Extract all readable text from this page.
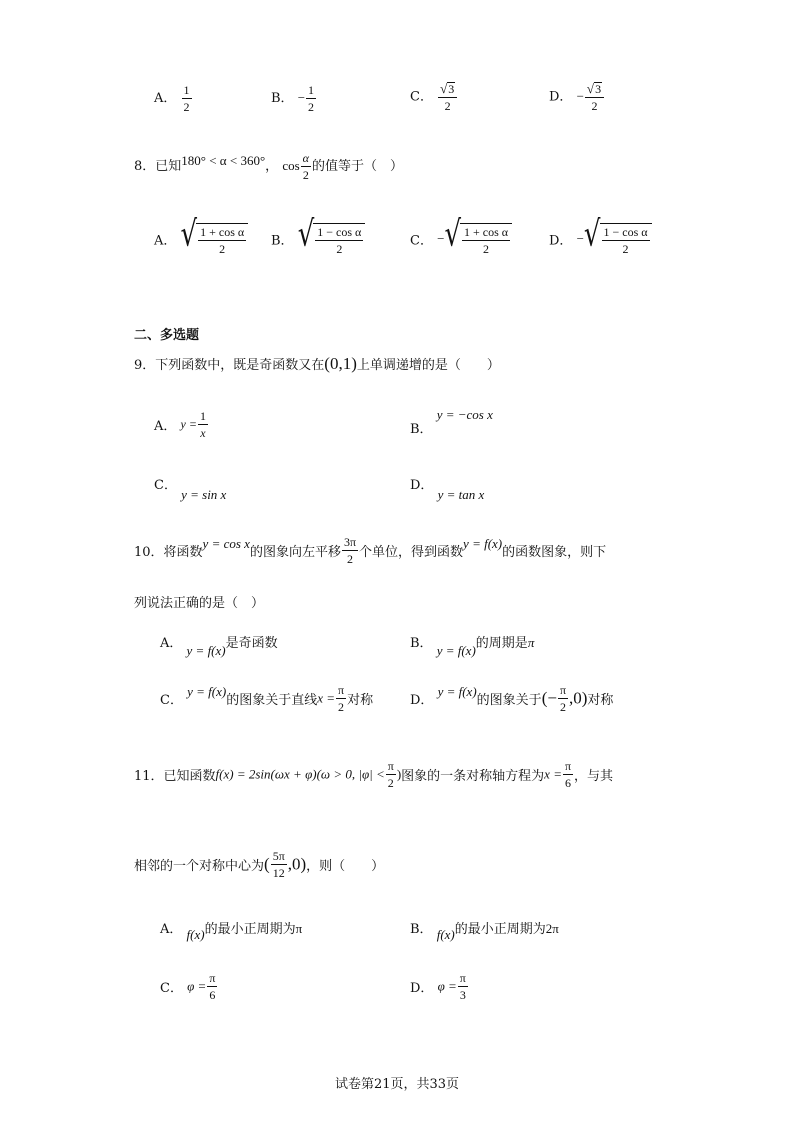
A． $\frac{1}{2}$	B． − $\frac{1}{2}$	C． $\frac{√ 3}{2}$	D． − $\frac{√ 3}{2}$
8．已知180° < α < 360°， $\cos \frac{\alpha}{2}$ 的值等于（　）
A． √ $\frac{\text{1 + cos α}}{2}$ B． √ $\frac{\text{1 − cos α}}{2}$	C． − √ $\frac{\text{1 + cos α}}{2}$	D． − √ $\frac{\text{1 − cos α}}{2}$
二、多选题
9．下列函数中，既是奇函数又在(0,1)上单调递增的是（　　）
A． $y = \frac{1}{x}$	B． y = −cos x
C． y = sin x
D． y = tan x
10．将函数y = cos x的图象向左平移 $\frac{3\pi}{2}$ 个单位，得到函数y = f(x)的函数图象，则下
列说法正确的是（　）
A． y = f(x)是奇函数	B． y = f(x)的周期是π
C． y = f(x)的图象关于直线$x = \frac{\pi}{2}$ 对称	D． y = f(x)的图象关于(− $\frac{\pi}{2} ,0$)对称
11．已知函数f(x) = 2sin(ωx + φ)(ω > 0, $|\varphi| < \frac{\pi}{2}$ )图象的一条对称轴方程为$x = \frac{\pi}{6}$ ，与其
相邻的一个对称中心为( $\frac{5\pi}{12} ,0$)，则（　　）
A． f(x)的最小正周期为π	B． f(x)的最小正周期为2π
C． $\varphi = \frac{\pi}{6}$	D． $\varphi = \frac{\pi}{3}$
试卷第21页，共33页
